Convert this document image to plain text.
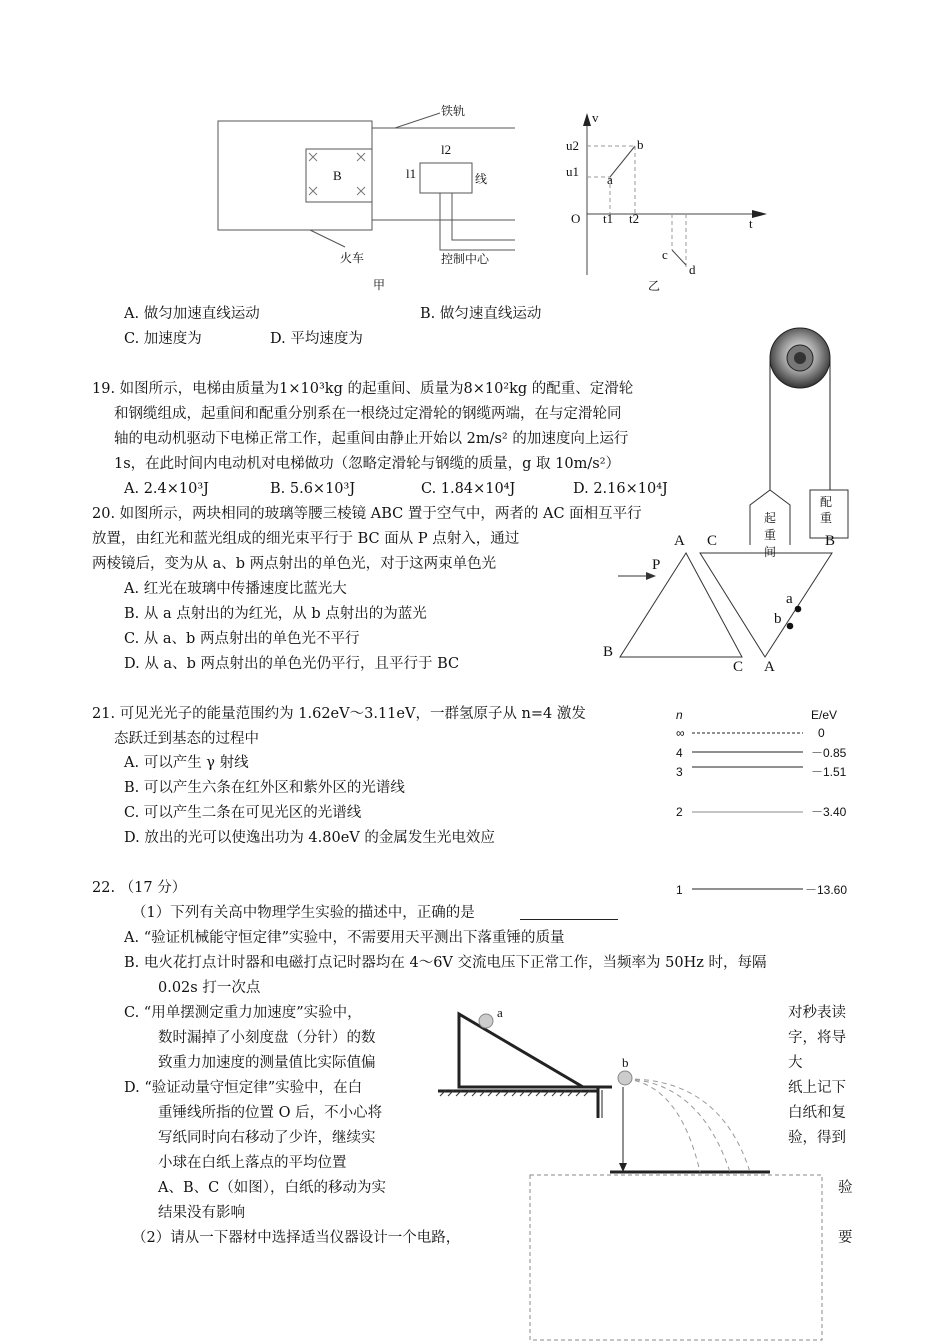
铁轨
B
l2
l1	线
火车	控制中心
甲
v
u2
u1
b
a
O t1 t2	t
c
d
乙
A. 做匀加速直线运动	B. 做匀速直线运动
C. 加速度为	D. 平均速度为
19. 如图所示，电梯由质量为1×10³kg 的起重间、质量为8×10²kg 的配重、定滑轮
和钢缆组成，起重间和配重分别系在一根绕过定滑轮的钢缆两端，在与定滑轮同
轴的电动机驱动下电梯正常工作，起重间由静止开始以 2m/s² 的加速度向上运行
1s，在此时间内电动机对电梯做功（忽略定滑轮与钢缆的质量，g 取 10m/s²）
A. 2.4×10³J	B. 5.6×10³J	C. 1.84×10⁴J	D. 2.16×10⁴J
配重
起重间
20. 如图所示，两块相同的玻璃等腰三棱镜 ABC 置于空气中，两者的 AC 面相互平行
放置，由红光和蓝光组成的细光束平行于 BC 面从 P 点射入，通过
两棱镜后，变为从 a、b 两点射出的单色光，对于这两束单色光
A. 红光在玻璃中传播速度比蓝光大
B. 从 a 点射出的为红光，从 b 点射出的为蓝光
C. 从 a、b 两点射出的单色光不平行
D. 从 a、b 两点射出的单色光仍平行，且平行于 BC
A C	B
P
a
b
B
C A
21. 可见光光子的能量范围约为 1.62eV～3.11eV，一群氢原子从 n=4 激发
态跃迁到基态的过程中
A. 可以产生 γ 射线
B. 可以产生六条在红外区和紫外区的光谱线
C. 可以产生二条在可见光区的光谱线
D. 放出的光可以使逸出功为 4.80eV 的金属发生光电效应
n	E/eV
∞	0
4	－0.85
3	－1.51
2	－3.40
1	－13.60
22. （17 分）
（1）下列有关高中物理学生实验的描述中，正确的是
A. “验证机械能守恒定律”实验中，不需要用天平测出下落重锤的质量
B. 电火花打点计时器和电磁打点记时器均在 4～6V 交流电压下正常工作，当频率为 50Hz 时，每隔
0.02s 打一次点
C. “用单摆测定重力加速度”实验中，	对秒表读
数时漏掉了小刻度盘（分针）的数	字，将导
致重力加速度的测量值比实际值偏	大
D. “验证动量守恒定律”实验中，在白	纸上记下
重锤线所指的位置 O 后，不小心将	白纸和复
写纸同时向右移动了少许，继续实	验，得到
小球在白纸上落点的平均位置
A、B、C（如图），白纸的移动为实	验
结果没有影响
（2）请从一下器材中选择适当仪器设计一个电路，	要
a
b
